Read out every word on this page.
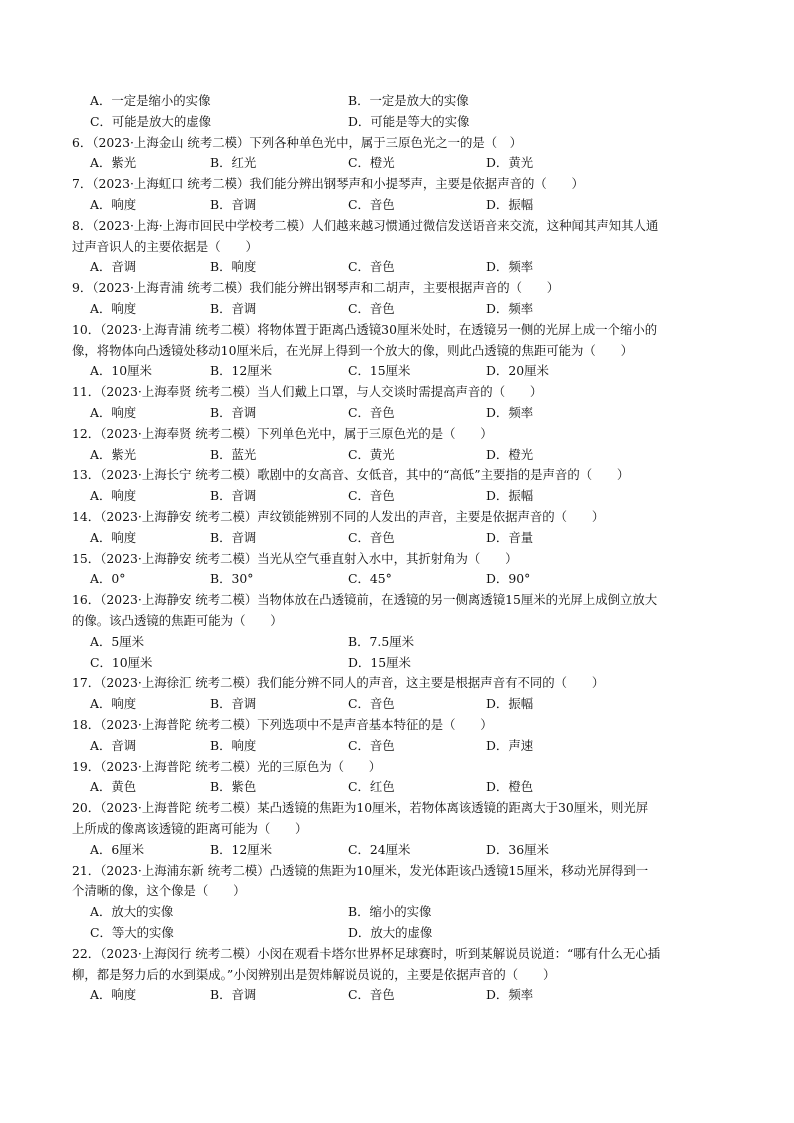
A．一定是缩小的实像	B．一定是放大的实像
C．可能是放大的虚像	D．可能是等大的实像
6．（2023·上海金山 统考二模）下列各种单色光中，属于三原色光之一的是（　）
A．紫光	B．红光	C．橙光	D．黄光
7．（2023·上海虹口 统考二模）我们能分辨出钢琴声和小提琴声，主要是依据声音的（　　）
A．响度	B．音调	C．音色	D．振幅
8．（2023·上海·上海市回民中学校考二模）人们越来越习惯通过微信发送语音来交流，这种闻其声知其人通
过声音识人的主要依据是（　　）
A．音调	B．响度	C．音色	D．频率
9．（2023·上海青浦 统考二模）我们能分辨出钢琴声和二胡声，主要根据声音的（　　）
A．响度	B．音调	C．音色	D．频率
10．（2023·上海青浦 统考二模）将物体置于距离凸透镜30厘米处时，在透镜另一侧的光屏上成一个缩小的
像，将物体向凸透镜处移动10厘米后，在光屏上得到一个放大的像，则此凸透镜的焦距可能为（　　）
A．10厘米	B．12厘米	C．15厘米	D．20厘米
11．（2023·上海奉贤 统考二模）当人们戴上口罩，与人交谈时需提高声音的（　　）
A．响度	B．音调	C．音色	D．频率
12．（2023·上海奉贤 统考二模）下列单色光中，属于三原色光的是（　　）
A．紫光	B．蓝光	C．黄光	D．橙光
13．（2023·上海长宁 统考二模）歌剧中的女高音、女低音，其中的“高低”主要指的是声音的（　　）
A．响度	B．音调	C．音色	D．振幅
14．（2023·上海静安 统考二模）声纹锁能辨别不同的人发出的声音，主要是依据声音的（　　）
A．响度	B．音调	C．音色	D．音量
15．（2023·上海静安 统考二模）当光从空气垂直射入水中，其折射角为（　　）
A．0°	B．30°	C．45°	D．90°
16．（2023·上海静安 统考二模）当物体放在凸透镜前，在透镜的另一侧离透镜15厘米的光屏上成倒立放大
的像。该凸透镜的焦距可能为（　　）
A．5厘米	B．7.5厘米
C．10厘米	D．15厘米
17．（2023·上海徐汇 统考二模）我们能分辨不同人的声音，这主要是根据声音有不同的（　　）
A．响度	B．音调	C．音色	D．振幅
18．（2023·上海普陀 统考二模）下列选项中不是声音基本特征的是（　　）
A．音调	B．响度	C．音色	D．声速
19．（2023·上海普陀 统考二模）光的三原色为（　　）
A．黄色	B．紫色	C．红色	D．橙色
20．（2023·上海普陀 统考二模）某凸透镜的焦距为10厘米，若物体离该透镜的距离大于30厘米，则光屏
上所成的像离该透镜的距离可能为（　　）
A．6厘米	B．12厘米	C．24厘米	D．36厘米
21．（2023·上海浦东新 统考二模）凸透镜的焦距为10厘米，发光体距该凸透镜15厘米，移动光屏得到一
个清晰的像，这个像是（　　）
A．放大的实像	B．缩小的实像
C．等大的实像	D．放大的虚像
22．（2023·上海闵行 统考二模）小闵在观看卡塔尔世界杯足球赛时，听到某解说员说道：“哪有什么无心插
柳，都是努力后的水到渠成。”小闵辨别出是贺炜解说员说的，主要是依据声音的（　　）
A．响度	B．音调	C．音色	D．频率
